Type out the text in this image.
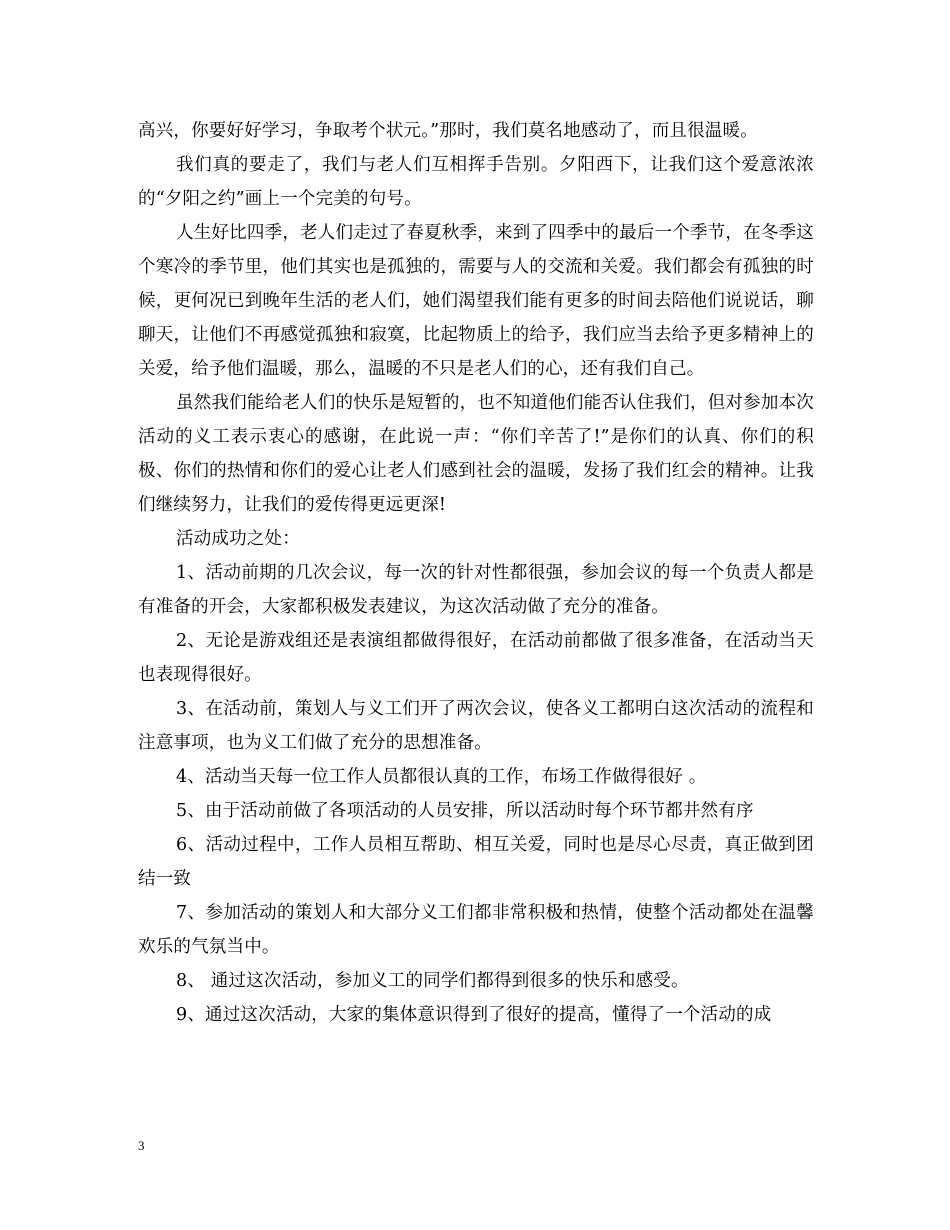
高兴，你要好好学习，争取考个状元。”那时，我们莫名地感动了，而且很温暖。

我们真的要走了，我们与老人们互相挥手告别。夕阳西下，让我们这个爱意浓浓的“夕阳之约”画上一个完美的句号。

人生好比四季，老人们走过了春夏秋季，来到了四季中的最后一个季节，在冬季这个寒冷的季节里，他们其实也是孤独的，需要与人的交流和关爱。我们都会有孤独的时候，更何况已到晚年生活的老人们，她们渴望我们能有更多的时间去陪他们说说话，聊聊天，让他们不再感觉孤独和寂寞，比起物质上的给予，我们应当去给予更多精神上的关爱，给予他们温暖，那么，温暖的不只是老人们的心，还有我们自己。

虽然我们能给老人们的快乐是短暂的，也不知道他们能否认住我们，但对参加本次活动的义工表示衷心的感谢，在此说一声：“你们辛苦了!”是你们的认真、你们的积极、你们的热情和你们的爱心让老人们感到社会的温暖，发扬了我们红会的精神。让我们继续努力，让我们的爱传得更远更深!

活动成功之处：

1、活动前期的几次会议，每一次的针对性都很强，参加会议的每一个负责人都是有准备的开会，大家都积极发表建议，为这次活动做了充分的准备。

2、无论是游戏组还是表演组都做得很好，在活动前都做了很多准备，在活动当天也表现得很好。

3、在活动前，策划人与义工们开了两次会议，使各义工都明白这次活动的流程和注意事项，也为义工们做了充分的思想准备。

4、活动当天每一位工作人员都很认真的工作，布场工作做得很好 。

5、由于活动前做了各项活动的人员安排，所以活动时每个环节都井然有序

6、活动过程中，工作人员相互帮助、相互关爱，同时也是尽心尽责，真正做到团结一致

7、参加活动的策划人和大部分义工们都非常积极和热情，使整个活动都处在温馨欢乐的气氛当中。

8、 通过这次活动，参加义工的同学们都得到很多的快乐和感受。

9、通过这次活动，大家的集体意识得到了很好的提高，懂得了一个活动的成

3
